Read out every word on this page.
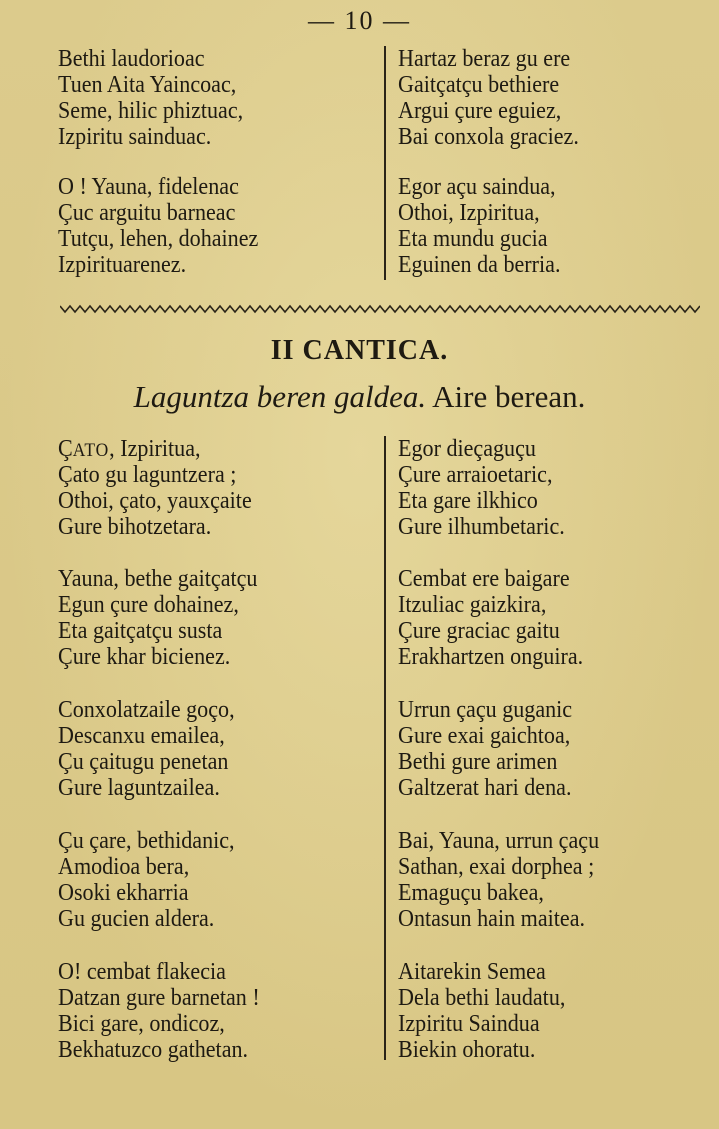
— 10 —
Bethi laudorioac
Tuen Aita Yaincoac,
Seme, hilic phiztuac,
Izpiritu sainduac.
O ! Yauna, fidelenac
Çuc arguitu barneac
Tutçu, lehen, dohainez
Izpirituarenez.
Hartaz beraz gu ere
Gaitçatçu bethiere
Argui çure eguiez,
Bai conxola graciez.
Egor açu saindua,
Othoi, Izpiritua,
Eta mundu gucia
Eguinen da berria.
II CANTICA.
Laguntza beren galdea. Aire berean.
ÇATO, Izpiritua,
Çato gu laguntzera ;
Othoi, çato, yauxçaite
Gure bihotzetara.
Yauna, bethe gaitçatçu
Egun çure dohainez,
Eta gaitçatçu susta
Çure khar bicienez.
Conxolatzaile goço,
Descanxu emailea,
Çu çaitugu penetan
Gure laguntzailea.
Çu çare, bethidanic,
Amodioa bera,
Osoki ekharria
Gu gucien aldera.
O! cembat flakecia
Datzan gure barnetan !
Bici gare, ondicoz,
Bekhatuzco gathetan.
Egor dieçaguçu
Çure arraioetaric,
Eta gare ilkhico
Gure ilhumbetaric.
Cembat ere baigare
Itzuliac gaizkira,
Çure graciac gaitu
Erakhartzen onguira.
Urrun çaçu guganic
Gure exai gaichtoa,
Bethi gure arimen
Galtzerat hari dena.
Bai, Yauna, urrun çaçu
Sathan, exai dorphea ;
Emaguçu bakea,
Ontasun hain maitea.
Aitarekin Semea
Dela bethi laudatu,
Izpiritu Saindua
Biekin ohoratu.
